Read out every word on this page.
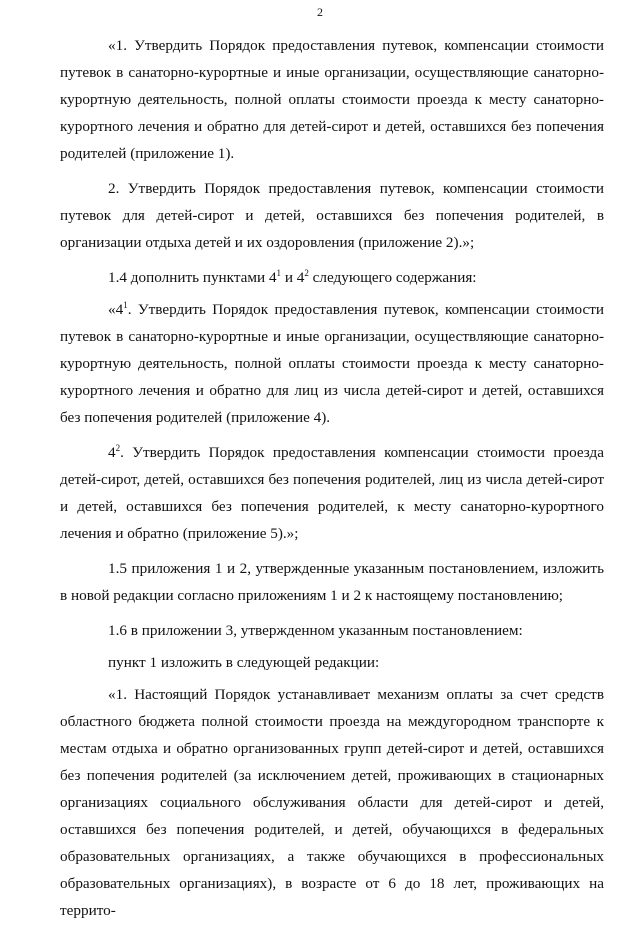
2

«1. Утвердить Порядок предоставления путевок, компенсации стоимости путевок в санаторно-курортные и иные организации, осуществляющие санаторно-курортную деятельность, полной оплаты стоимости проезда к месту санаторно-курортного лечения и обратно для детей-сирот и детей, оставшихся без попечения родителей (приложение 1).

2. Утвердить Порядок предоставления путевок, компенсации стоимости путевок для детей-сирот и детей, оставшихся без попечения родителей, в организации отдыха детей и их оздоровления (приложение 2).»;

1.4 дополнить пунктами $4^1$ и $4^2$ следующего содержания:

«$4^1$. Утвердить Порядок предоставления путевок, компенсации стоимости путевок в санаторно-курортные и иные организации, осуществляющие санаторно-курортную деятельность, полной оплаты стоимости проезда к месту санаторно-курортного лечения и обратно для лиц из числа детей-сирот и детей, оставшихся без попечения родителей (приложение 4).

$4^2$. Утвердить Порядок предоставления компенсации стоимости проезда детей-сирот, детей, оставшихся без попечения родителей, лиц из числа детей-сирот и детей, оставшихся без попечения родителей, к месту санаторно-курортного лечения и обратно (приложение 5).»;

1.5 приложения 1 и 2, утвержденные указанным постановлением, изложить в новой редакции согласно приложениям 1 и 2 к настоящему постановлению;

1.6 в приложении 3, утвержденном указанным постановлением:

пункт 1 изложить в следующей редакции:

«1. Настоящий Порядок устанавливает механизм оплаты за счет средств областного бюджета полной стоимости проезда на междугородном транспорте к местам отдыха и обратно организованных групп детей-сирот и детей, оставшихся без попечения родителей (за исключением детей, проживающих в стационарных организациях социального обслуживания области для детей-сирот и детей, оставшихся без попечения родителей, и детей, обучающихся в федеральных образовательных организациях, а также обучающихся в профессиональных образовательных организациях), в возрасте от 6 до 18 лет, проживающих на террито-
